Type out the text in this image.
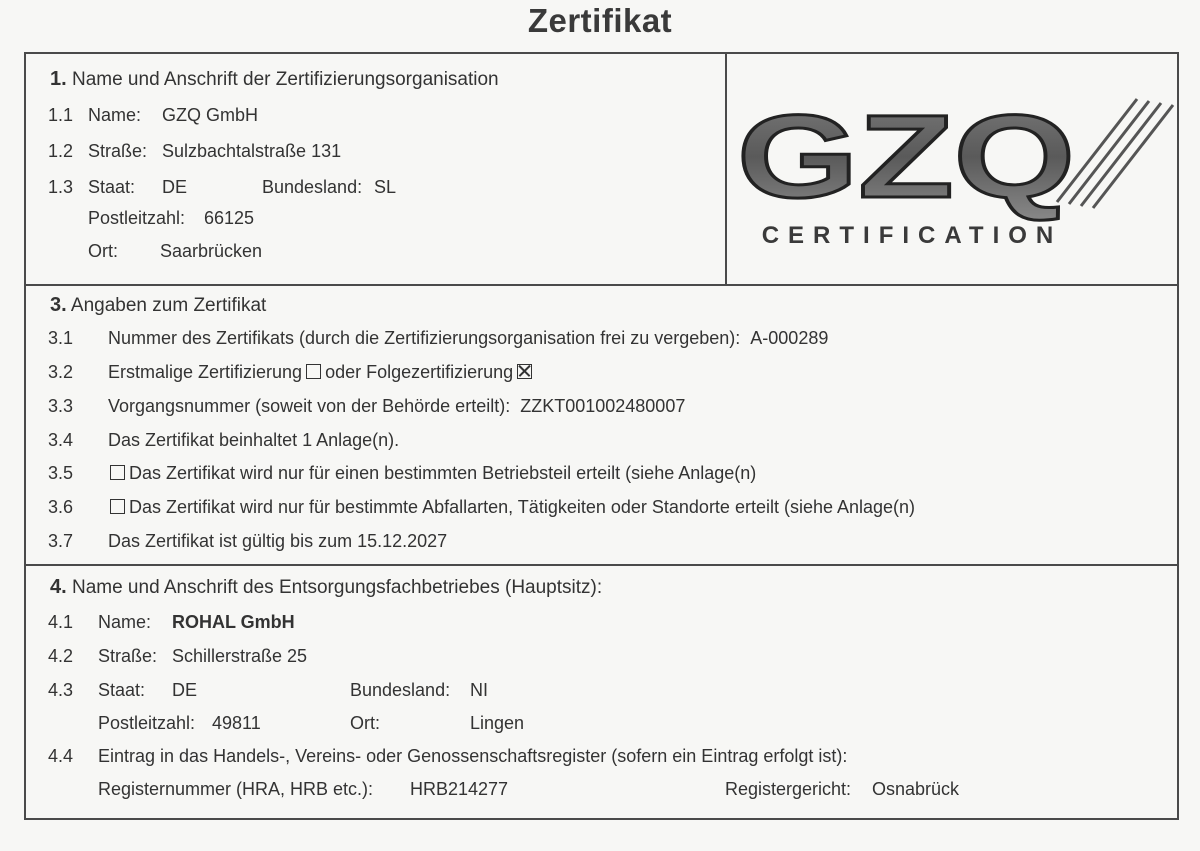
Zertifikat
1. Name und Anschrift der Zertifizierungsorganisation
1.1 Name: GZQ GmbH
1.2 Straße: Sulzbachtalstraße 131
1.3 Staat: DE	Bundesland: SL
Postleitzahl: 66125
Ort: Saarbrücken
GZQ
CERTIFICATION
3. Angaben zum Zertifikat
3.1 Nummer des Zertifikats (durch die Zertifizierungsorganisation frei zu vergeben): A-000289
3.2 Erstmalige Zertifizierung oder Folgezertifizierung
3.3 Vorgangsnummer (soweit von der Behörde erteilt): ZZKT001002480007
3.4 Das Zertifikat beinhaltet 1 Anlage(n).
3.5	Das Zertifikat wird nur für einen bestimmten Betriebsteil erteilt (siehe Anlage(n)
3.6	Das Zertifikat wird nur für bestimmte Abfallarten, Tätigkeiten oder Standorte erteilt (siehe Anlage(n)
3.7 Das Zertifikat ist gültig bis zum 15.12.2027
4. Name und Anschrift des Entsorgungsfachbetriebes (Hauptsitz):
4.1 Name: ROHAL GmbH
4.2 Straße: Schillerstraße 25
4.3 Staat: DE	Bundesland: NI
Postleitzahl: 49811	Ort:	Lingen
4.4 Eintrag in das Handels-, Vereins- oder Genossenschaftsregister (sofern ein Eintrag erfolgt ist):
Registernummer (HRA, HRB etc.): HRB214277	Registergericht: Osnabrück
